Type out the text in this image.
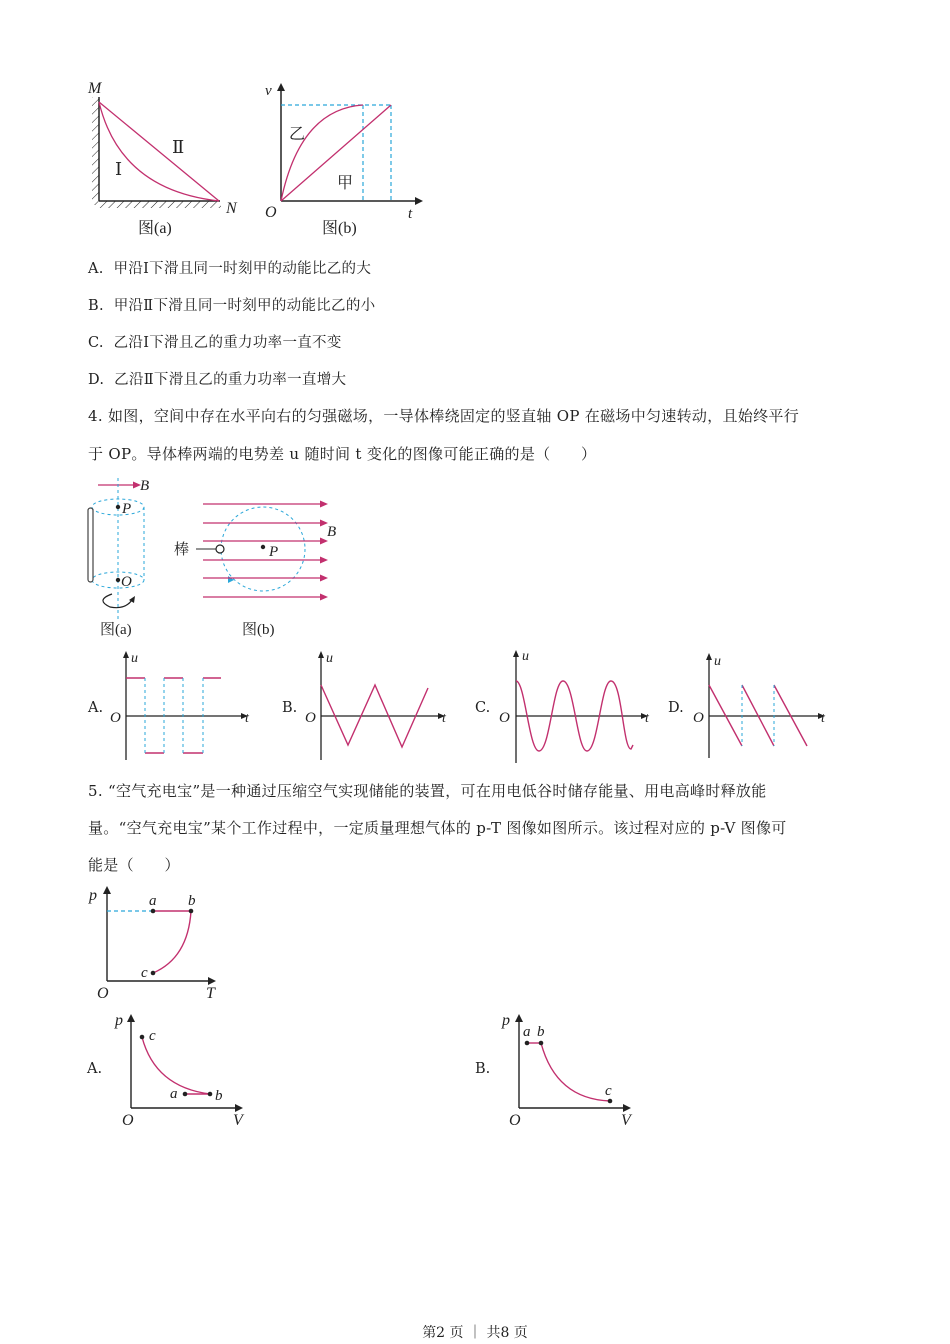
M
N
Ⅰ
Ⅱ
图(a)
v
t
O
乙
甲
图(b)
A. 甲沿Ⅰ下滑且同一时刻甲的动能比乙的大
B. 甲沿Ⅱ下滑且同一时刻甲的动能比乙的小
C. 乙沿Ⅰ下滑且乙的重力功率一直不变
D. 乙沿Ⅱ下滑且乙的重力功率一直增大
4. 如图，空间中存在水平向右的匀强磁场，一导体棒绕固定的竖直轴 OP 在磁场中匀速转动，且始终平行
于 OP。导体棒两端的电势差 u 随时间 t 变化的图像可能正确的是（　　）
B
P
O
图(a)
棒
B
P
图(b)
A.
u
t
O
B.
u
t
O
C.
u
t
O
D.
u
t
O
5. “空气充电宝”是一种通过压缩空气实现储能的装置，可在用电低谷时储存能量、用电高峰时释放能
量。“空气充电宝”某个工作过程中，一定质量理想气体的 p-T 图像如图所示。该过程对应的 p-V 图像可
能是（　　）
p
T
O
a b
c
A.
p
V
O
c
a	b
B.
p
V
O
a b
c
第2 页 ｜ 共8 页
